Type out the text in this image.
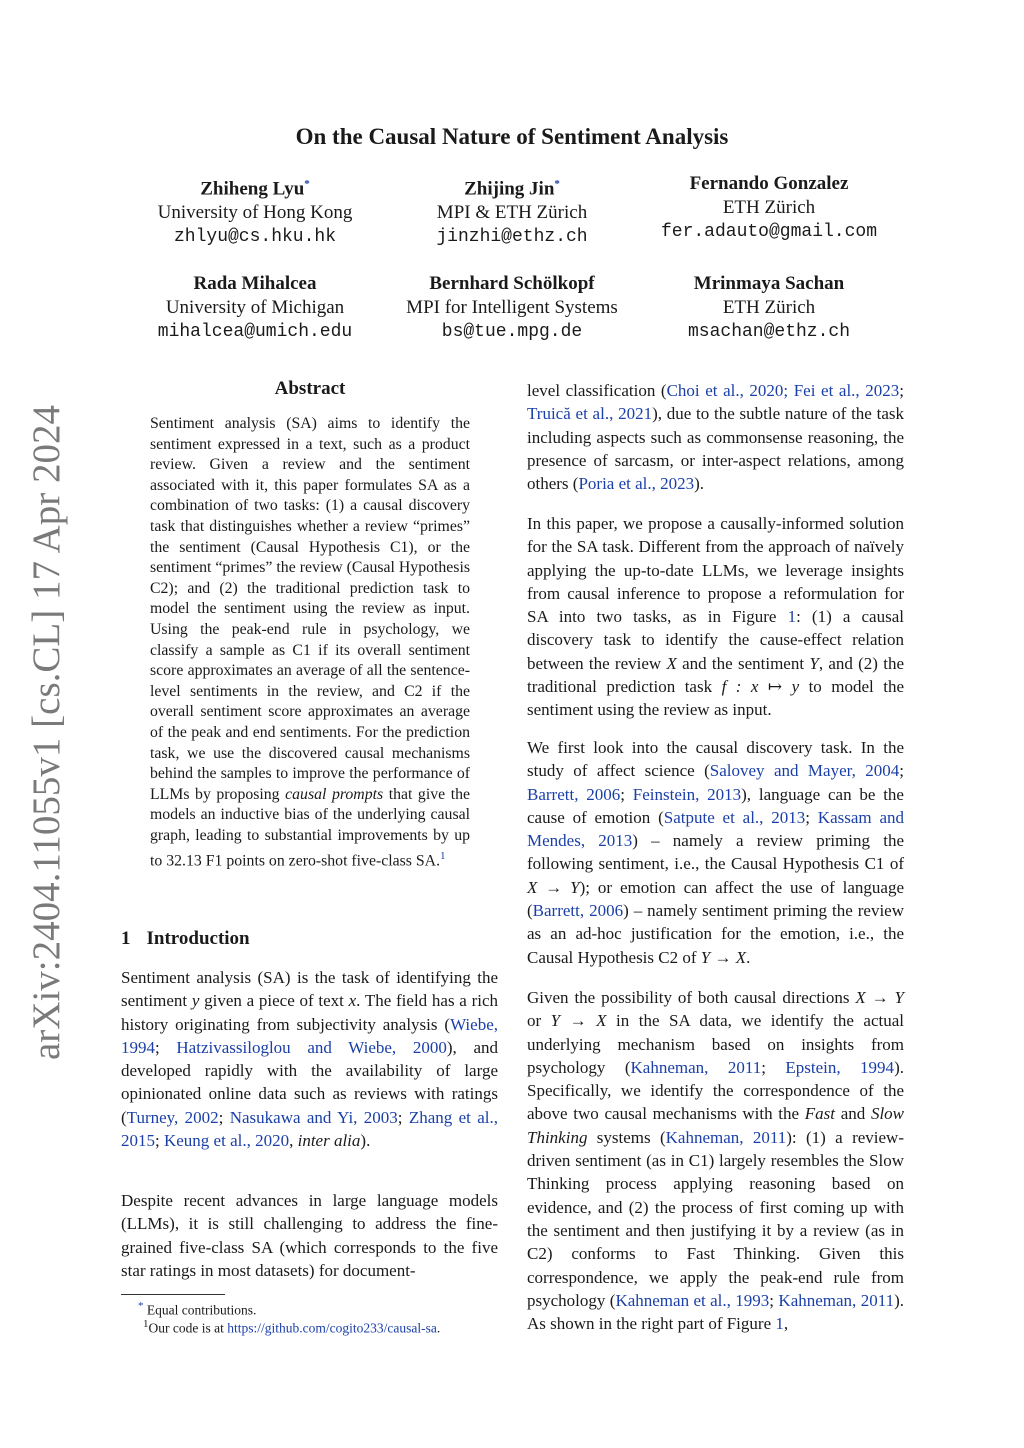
arXiv:2404.11055v1 [cs.CL] 17 Apr 2024
On the Causal Nature of Sentiment Analysis
Zhiheng Lyu*
University of Hong Kong
zhlyu@cs.hku.hk
Zhijing Jin*
MPI & ETH Zürich
jinzhi@ethz.ch
Fernando Gonzalez
ETH Zürich
fer.adauto@gmail.com
Rada Mihalcea
University of Michigan
mihalcea@umich.edu
Bernhard Schölkopf
MPI for Intelligent Systems
bs@tue.mpg.de
Mrinmaya Sachan
ETH Zürich
msachan@ethz.ch
Abstract
Sentiment analysis (SA) aims to identify the sentiment expressed in a text, such as a product review. Given a review and the sentiment associated with it, this paper formulates SA as a combination of two tasks: (1) a causal discovery task that distinguishes whether a review “primes” the sentiment (Causal Hypothesis C1), or the sentiment “primes” the review (Causal Hypothesis C2); and (2) the traditional prediction task to model the sentiment using the review as input. Using the peak-end rule in psychology, we classify a sample as C1 if its overall sentiment score approximates an average of all the sentence-level sentiments in the review, and C2 if the overall sentiment score approximates an average of the peak and end sentiments. For the prediction task, we use the discovered causal mechanisms behind the samples to improve the performance of LLMs by proposing causal prompts that give the models an inductive bias of the underlying causal graph, leading to substantial improvements by up to 32.13 F1 points on zero-shot five-class SA.$^1$
1 Introduction
Sentiment analysis (SA) is the task of identifying the sentiment y given a piece of text x. The field has a rich history originating from subjectivity analysis (Wiebe, 1994; Hatzivassiloglou and Wiebe, 2000), and developed rapidly with the availability of large opinionated online data such as reviews with ratings (Turney, 2002; Nasukawa and Yi, 2003; Zhang et al., 2015; Keung et al., 2020, inter alia).
Despite recent advances in large language models (LLMs), it is still challenging to address the fine-grained five-class SA (which corresponds to the five star ratings in most datasets) for document-
level classification (Choi et al., 2020; Fei et al., 2023; Truică et al., 2021), due to the subtle nature of the task including aspects such as commonsense reasoning, the presence of sarcasm, or inter-aspect relations, among others (Poria et al., 2023).
In this paper, we propose a causally-informed solution for the SA task. Different from the approach of naïvely applying the up-to-date LLMs, we leverage insights from causal inference to propose a reformulation for SA into two tasks, as in Figure 1: (1) a causal discovery task to identify the cause-effect relation between the review X and the sentiment Y, and (2) the traditional prediction task f : x ↦ y to model the sentiment using the review as input.
We first look into the causal discovery task. In the study of affect science (Salovey and Mayer, 2004; Barrett, 2006; Feinstein, 2013), language can be the cause of emotion (Satpute et al., 2013; Kassam and Mendes, 2013) – namely a review priming the following sentiment, i.e., the Causal Hypothesis C1 of X → Y); or emotion can affect the use of language (Barrett, 2006) – namely sentiment priming the review as an ad-hoc justification for the emotion, i.e., the Causal Hypothesis C2 of Y → X.
Given the possibility of both causal directions X → Y or Y → X in the SA data, we identify the actual underlying mechanism based on insights from psychology (Kahneman, 2011; Epstein, 1994). Specifically, we identify the correspondence of the above two causal mechanisms with the Fast and Slow Thinking systems (Kahneman, 2011): (1) a review-driven sentiment (as in C1) largely resembles the Slow Thinking process applying reasoning based on evidence, and (2) the process of first coming up with the sentiment and then justifying it by a review (as in C2) conforms to Fast Thinking. Given this correspondence, we apply the peak-end rule from psychology (Kahneman et al., 1993; Kahneman, 2011). As shown in the right part of Figure 1,
* Equal contributions.
$^1$Our code is at https://github.com/cogito233/causal-sa.
